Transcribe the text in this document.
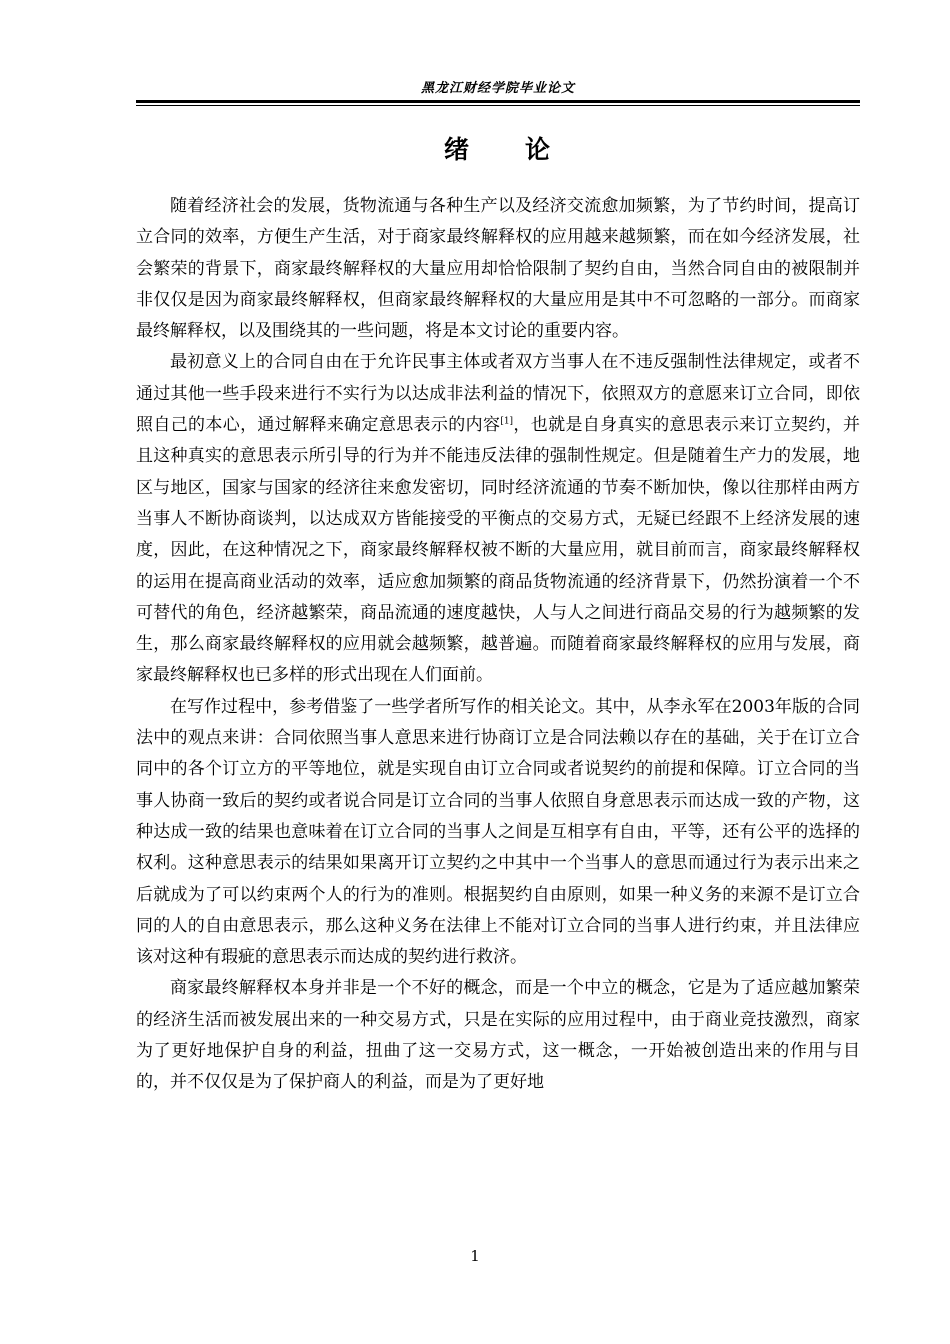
黑龙江财经学院毕业论文
绪　　论

随着经济社会的发展，货物流通与各种生产以及经济交流愈加频繁，为了节约时间，提高订立合同的效率，方便生产生活，对于商家最终解释权的应用越来越频繁，而在如今经济发展，社会繁荣的背景下，商家最终解释权的大量应用却恰恰限制了契约自由，当然合同自由的被限制并非仅仅是因为商家最终解释权，但商家最终解释权的大量应用是其中不可忽略的一部分。而商家最终解释权，以及围绕其的一些问题，将是本文讨论的重要内容。

最初意义上的合同自由在于允许民事主体或者双方当事人在不违反强制性法律规定，或者不通过其他一些手段来进行不实行为以达成非法利益的情况下，依照双方的意愿来订立合同，即依照自己的本心，通过解释来确定意思表示的内容[1]，也就是自身真实的意思表示来订立契约，并且这种真实的意思表示所引导的行为并不能违反法律的强制性规定。但是随着生产力的发展，地区与地区，国家与国家的经济往来愈发密切，同时经济流通的节奏不断加快，像以往那样由两方当事人不断协商谈判，以达成双方皆能接受的平衡点的交易方式，无疑已经跟不上经济发展的速度，因此，在这种情况之下，商家最终解释权被不断的大量应用，就目前而言，商家最终解释权的运用在提高商业活动的效率，适应愈加频繁的商品货物流通的经济背景下，仍然扮演着一个不可替代的角色，经济越繁荣，商品流通的速度越快，人与人之间进行商品交易的行为越频繁的发生，那么商家最终解释权的应用就会越频繁，越普遍。而随着商家最终解释权的应用与发展，商家最终解释权也已多样的形式出现在人们面前。

在写作过程中，参考借鉴了一些学者所写作的相关论文。其中，从李永军在2003年版的合同法中的观点来讲：合同依照当事人意思来进行协商订立是合同法赖以存在的基础，关于在订立合同中的各个订立方的平等地位，就是实现自由订立合同或者说契约的前提和保障。订立合同的当事人协商一致后的契约或者说合同是订立合同的当事人依照自身意思表示而达成一致的产物，这种达成一致的结果也意味着在订立合同的当事人之间是互相享有自由，平等，还有公平的选择的权利。这种意思表示的结果如果离开订立契约之中其中一个当事人的意思而通过行为表示出来之后就成为了可以约束两个人的行为的准则。根据契约自由原则，如果一种义务的来源不是订立合同的人的自由意思表示，那么这种义务在法律上不能对订立合同的当事人进行约束，并且法律应该对这种有瑕疵的意思表示而达成的契约进行救济。

商家最终解释权本身并非是一个不好的概念，而是一个中立的概念，它是为了适应越加繁荣的经济生活而被发展出来的一种交易方式，只是在实际的应用过程中，由于商业竞技激烈，商家为了更好地保护自身的利益，扭曲了这一交易方式，这一概念，一开始被创造出来的作用与目的，并不仅仅是为了保护商人的利益，而是为了更好地

1
